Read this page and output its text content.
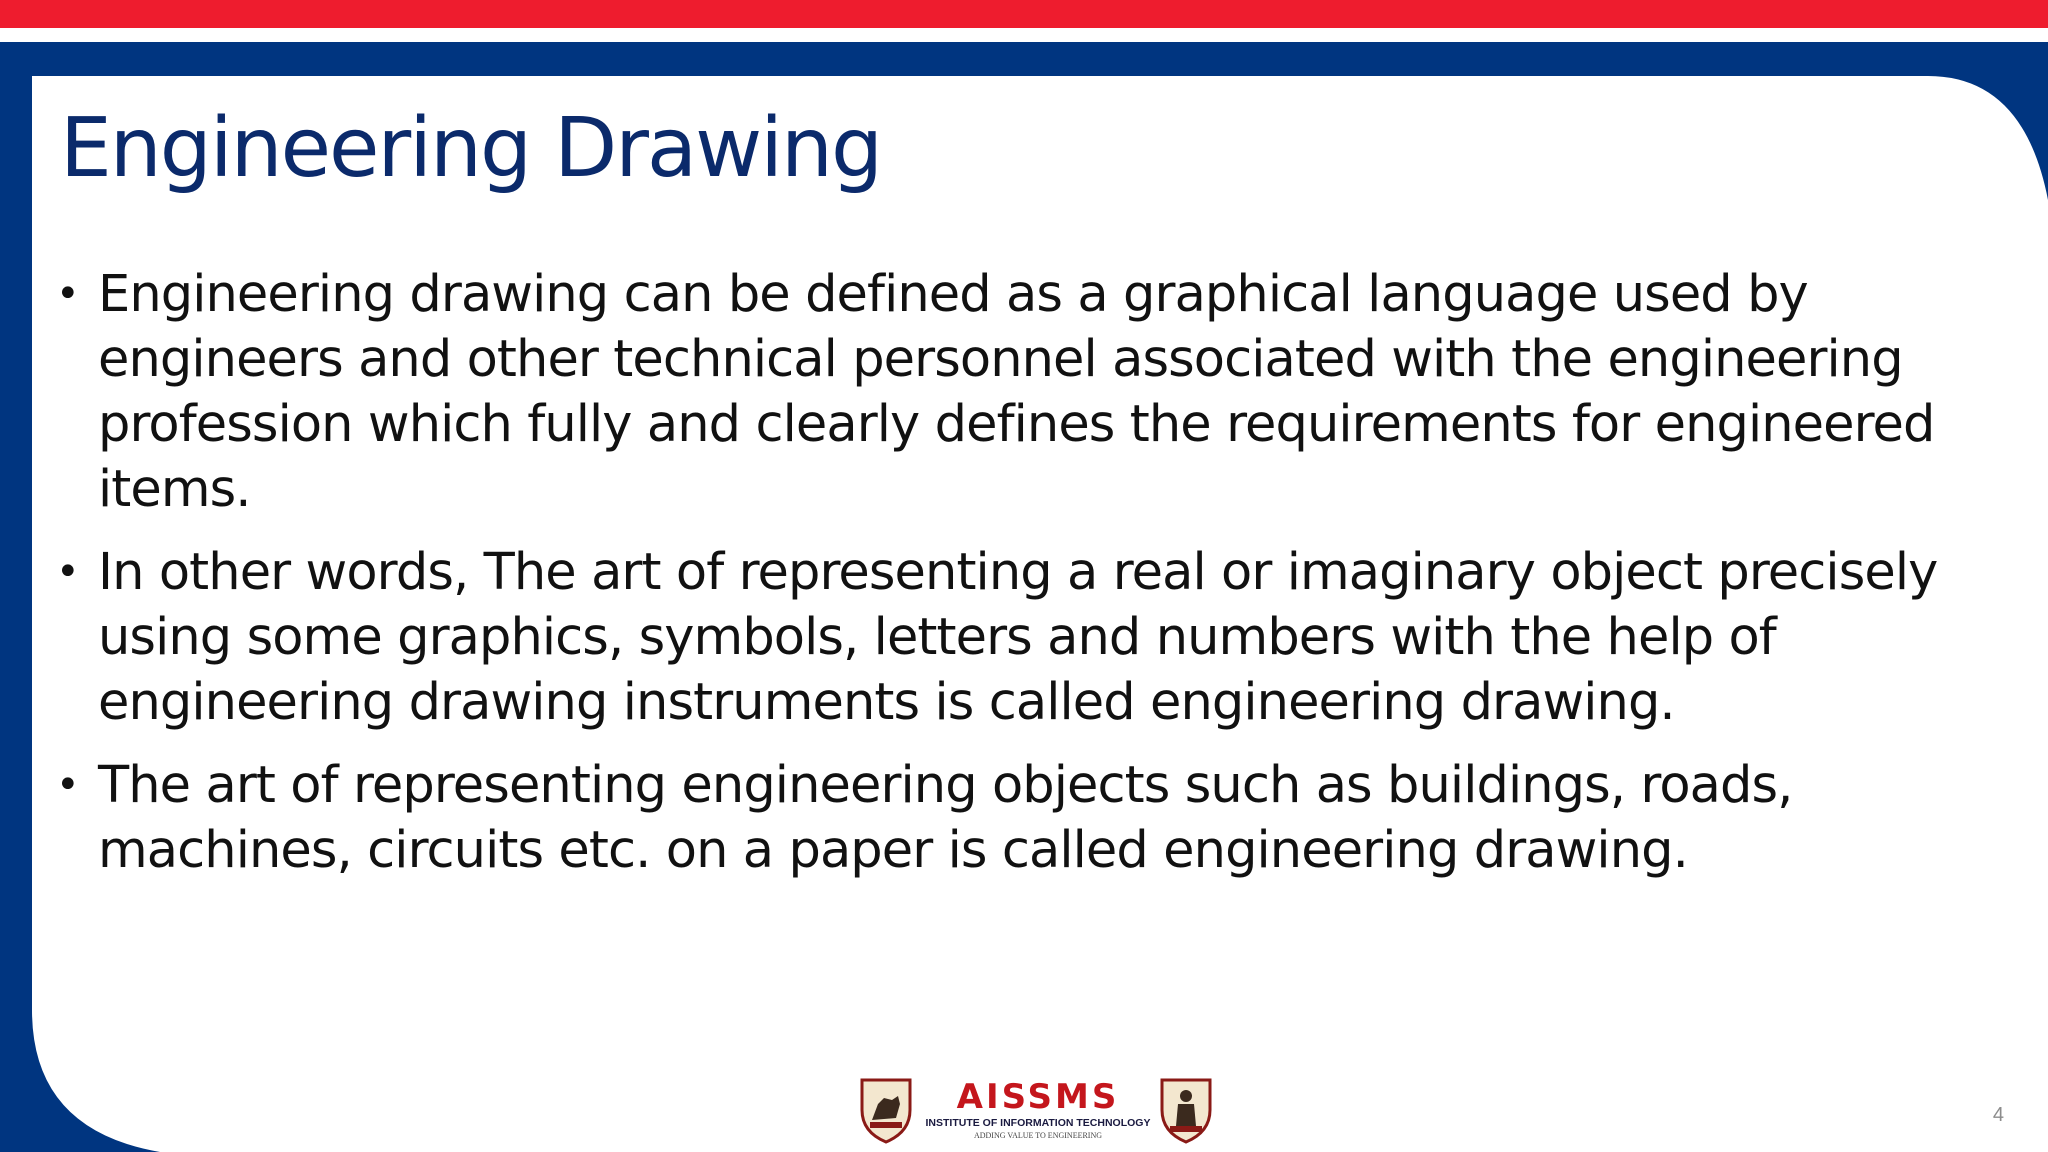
Engineering Drawing
• Engineering drawing can be defined as a graphical language used by engineers and other technical personnel associated with the engineering profession which fully and clearly defines the requirements for engineered items.
• In other words, The art of representing a real or imaginary object precisely using some graphics, symbols, letters and numbers with the help of engineering drawing instruments is called engineering drawing.
• The art of representing engineering objects such as buildings, roads, machines, circuits etc. on a paper is called engineering drawing.
AISSMS
INSTITUTE OF INFORMATION TECHNOLOGY
ADDING VALUE TO ENGINEERING
4
